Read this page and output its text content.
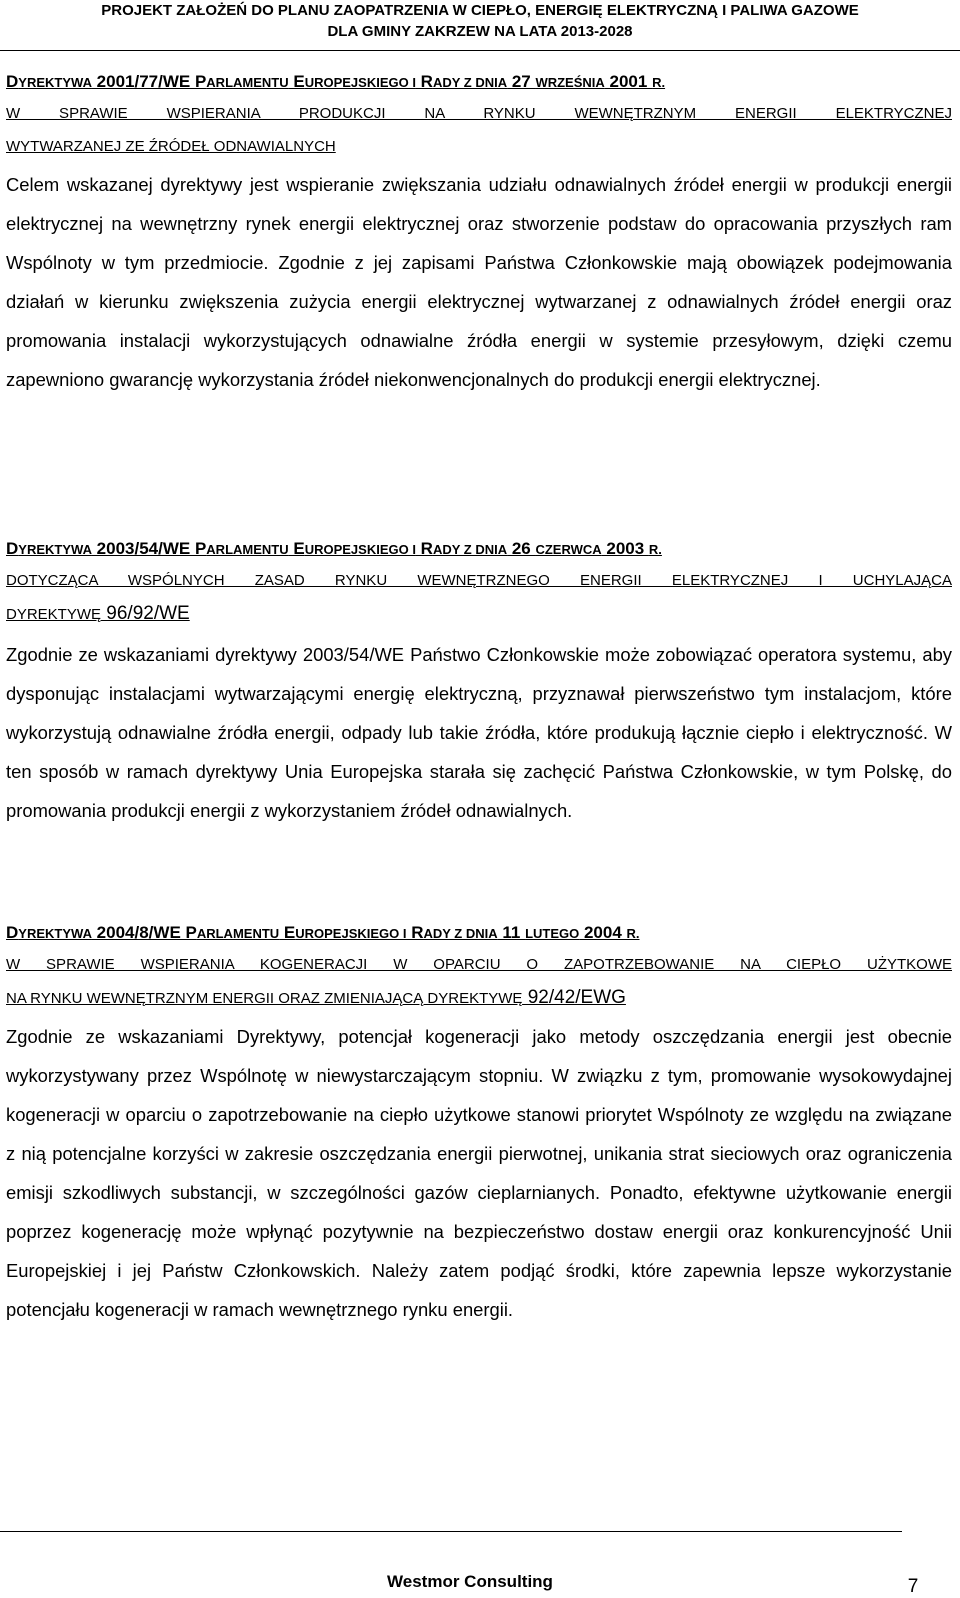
PROJEKT ZAŁOŻEŃ DO PLANU ZAOPATRZENIA W CIEPŁO, ENERGIĘ ELEKTRYCZNĄ I PALIWA GAZOWE
DLA GMINY ZAKRZEW NA LATA 2013-2028
DYREKTYWA 2001/77/WE PARLAMENTU EUROPEJSKIEGO I RADY Z DNIA 27 WRZEŚNIA 2001 R.
W SPRAWIE WSPIERANIA PRODUKCJI NA RYNKU WEWNĘTRZNYM ENERGII ELEKTRYCZNEJ
WYTWARZANEJ ZE ŹRÓDEŁ ODNAWIALNYCH

Celem wskazanej dyrektywy jest wspieranie zwiększania udziału odnawialnych źródeł energii w produkcji energii elektrycznej na wewnętrzny rynek energii elektrycznej oraz stworzenie podstaw do opracowania przyszłych ram Wspólnoty w tym przedmiocie. Zgodnie z jej zapisami Państwa Członkowskie mają obowiązek podejmowania działań w kierunku zwiększenia zużycia energii elektrycznej wytwarzanej z odnawialnych źródeł energii oraz promowania instalacji wykorzystujących odnawialne źródła energii w systemie przesyłowym, dzięki czemu zapewniono gwarancję wykorzystania źródeł niekonwencjonalnych do produkcji energii elektrycznej.

DYREKTYWA 2003/54/WE PARLAMENTU EUROPEJSKIEGO I RADY Z DNIA 26 CZERWCA 2003 R.
DOTYCZĄCA WSPÓLNYCH ZASAD RYNKU WEWNĘTRZNEGO ENERGII ELEKTRYCZNEJ I UCHYLAJĄCA
DYREKTYWĘ 96/92/WE

Zgodnie ze wskazaniami dyrektywy 2003/54/WE Państwo Członkowskie może zobowiązać operatora systemu, aby dysponując instalacjami wytwarzającymi energię elektryczną, przyznawał pierwszeństwo tym instalacjom, które wykorzystują odnawialne źródła energii, odpady lub takie źródła, które produkują łącznie ciepło i elektryczność. W ten sposób w ramach dyrektywy Unia Europejska starała się zachęcić Państwa Członkowskie, w tym Polskę, do promowania produkcji energii z wykorzystaniem źródeł odnawialnych.

DYREKTYWA 2004/8/WE PARLAMENTU EUROPEJSKIEGO I RADY Z DNIA 11 LUTEGO 2004 R.
W SPRAWIE WSPIERANIA KOGENERACJI W OPARCIU O ZAPOTRZEBOWANIE NA CIEPŁO UŻYTKOWE
NA RYNKU WEWNĘTRZNYM ENERGII ORAZ ZMIENIAJĄCĄ DYREKTYWĘ 92/42/EWG

Zgodnie ze wskazaniami Dyrektywy, potencjał kogeneracji jako metody oszczędzania energii jest obecnie wykorzystywany przez Wspólnotę w niewystarczającym stopniu. W związku z tym, promowanie wysokowydajnej kogeneracji w oparciu o zapotrzebowanie na ciepło użytkowe stanowi priorytet Wspólnoty ze względu na związane z nią potencjalne korzyści w zakresie oszczędzania energii pierwotnej, unikania strat sieciowych oraz ograniczenia emisji szkodliwych substancji, w szczególności gazów cieplarnianych. Ponadto, efektywne użytkowanie energii poprzez kogenerację może wpłynąć pozytywnie na bezpieczeństwo dostaw energii oraz konkurencyjność Unii Europejskiej i jej Państw Członkowskich. Należy zatem podjąć środki, które zapewnia lepsze wykorzystanie potencjału kogeneracji w ramach wewnętrznego rynku energii.

Westmor Consulting	7
